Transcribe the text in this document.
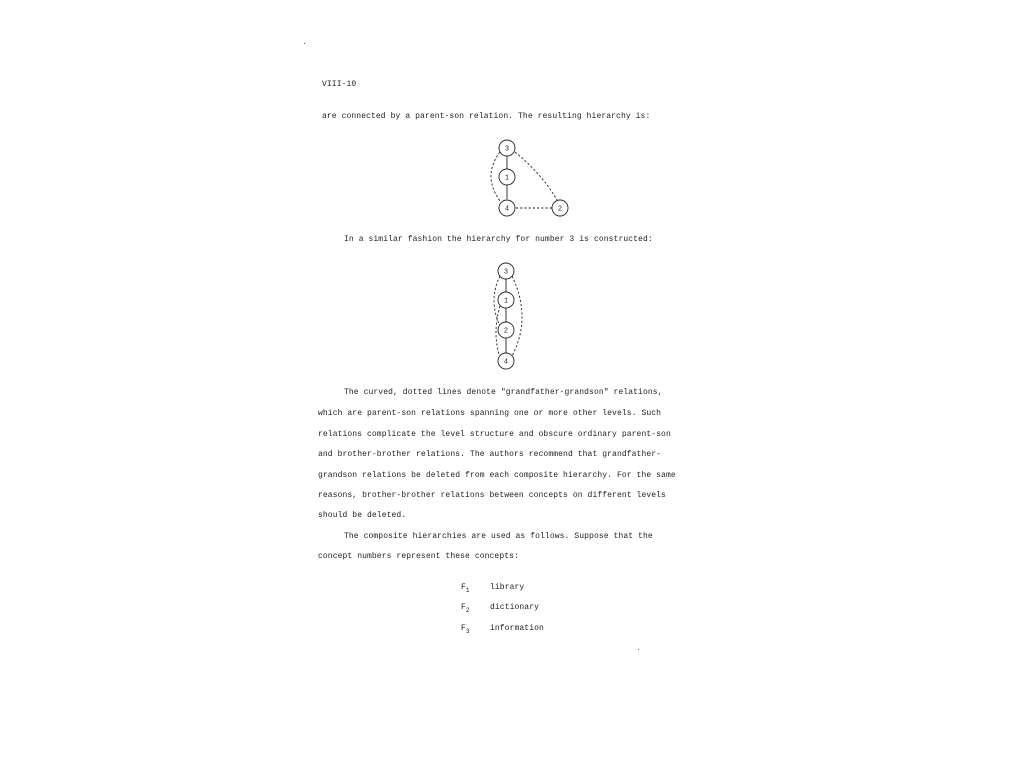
VIII-10
are connected by a parent-son relation. The resulting hierarchy is:
3
1
4	2
In a similar fashion the hierarchy for number 3 is constructed:
3
1
2
4
The curved, dotted lines denote "grandfather-grandson" relations,
which are parent-son relations spanning one or more other levels. Such
relations complicate the level structure and obscure ordinary parent-son
and brother-brother relations. The authors recommend that grandfather-
grandson relations be deleted from each composite hierarchy. For the same
reasons, brother-brother relations between concepts on different levels
should be deleted.
The composite hierarchies are used as follows. Suppose that the
concept numbers represent these concepts:
$F_1$	library
$F_2$	dictionary
$F_3$	information
